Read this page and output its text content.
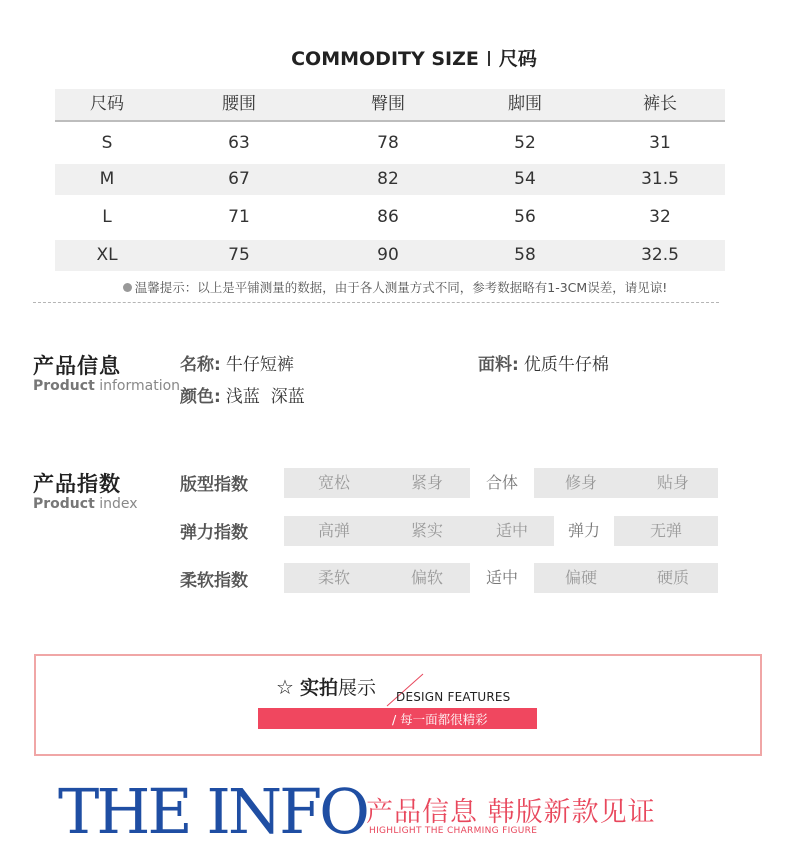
COMMODITY SIZE 尺码
尺码	腰围	臀围	脚围	裤长
S	63	78	52	31
M	67	82	54	31.5
L	71	86	56	32
XL	75	90	58	32.5
温馨提示：以上是平铺测量的数据，由于各人测量方式不同，参考数据略有1-3CM误差，请见谅!
产品信息
Product information
名称: 牛仔短裤	面料: 优质牛仔棉
颜色: 浅蓝  深蓝
产品指数
Product index
版型指数	宽松	紧身	合体	修身	贴身
弹力指数	高弹	紧实	适中	弹力	无弹
柔软指数	柔软	偏软	适中	偏硬	硬质
☆ 实拍展示 DESIGN FEATURES
/ 每一面都很精彩
THE INFO 产品信息 韩版新款见证
HIGHLIGHT THE CHARMING FIGURE
